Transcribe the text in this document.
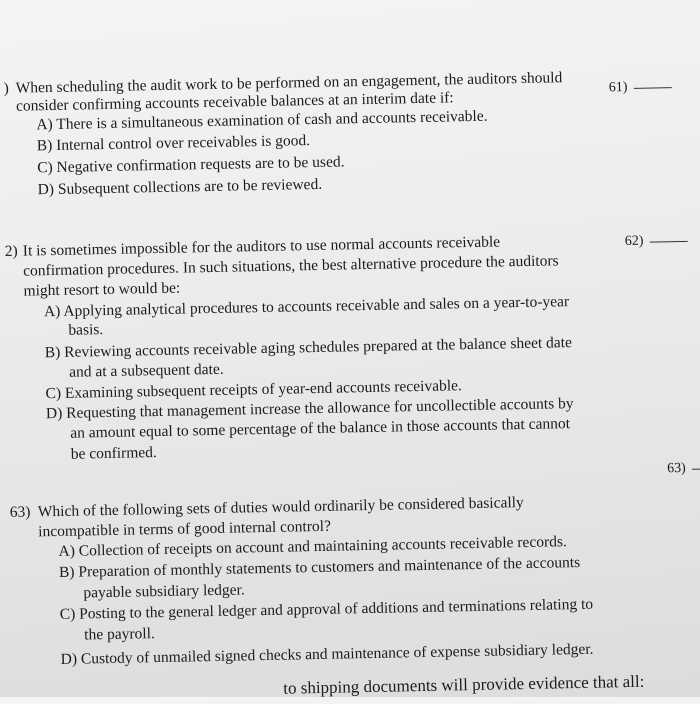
) When scheduling the audit work to be performed on an engagement, the auditors should
consider confirming accounts receivable balances at an interim date if:
A) There is a simultaneous examination of cash and accounts receivable.
B) Internal control over receivables is good.
C) Negative confirmation requests are to be used.
D) Subsequent collections are to be reviewed.
61)
2) It is sometimes impossible for the auditors to use normal accounts receivable
confirmation procedures. In such situations, the best alternative procedure the auditors
might resort to would be:
A) Applying analytical procedures to accounts receivable and sales on a year-to-year
basis.
B) Reviewing accounts receivable aging schedules prepared at the balance sheet date
and at a subsequent date.
C) Examining subsequent receipts of year-end accounts receivable.
D) Requesting that management increase the allowance for uncollectible accounts by
an amount equal to some percentage of the balance in those accounts that cannot
be confirmed.
62)
63) Which of the following sets of duties would ordinarily be considered basically
incompatible in terms of good internal control?
A) Collection of receipts on account and maintaining accounts receivable records.
B) Preparation of monthly statements to customers and maintenance of the accounts
payable subsidiary ledger.
C) Posting to the general ledger and approval of additions and terminations relating to
the payroll.
D) Custody of unmailed signed checks and maintenance of expense subsidiary ledger.
63)
to shipping documents will provide evidence that all:
